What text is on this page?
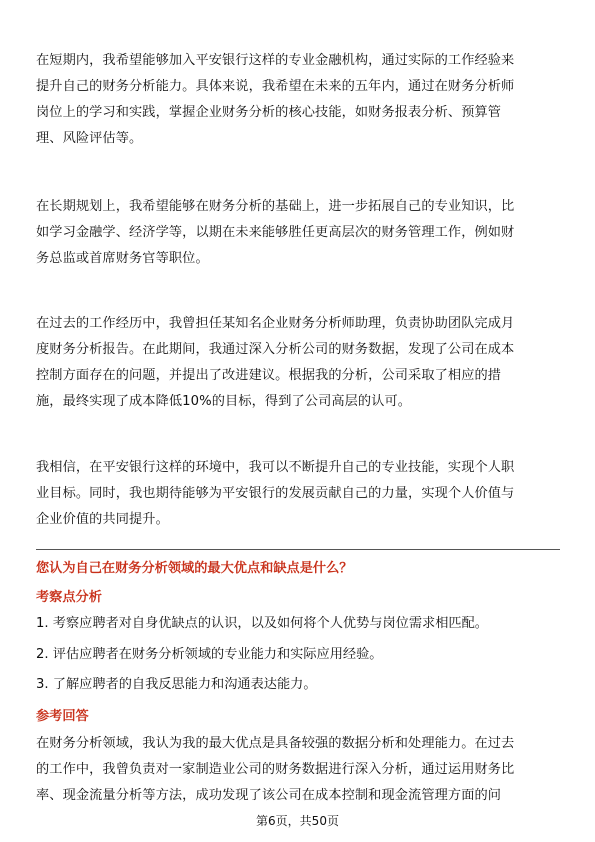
在短期内，我希望能够加入平安银行这样的专业金融机构，通过实际的工作经验来
提升自己的财务分析能力。具体来说，我希望在未来的五年内，通过在财务分析师
岗位上的学习和实践，掌握企业财务分析的核心技能，如财务报表分析、预算管
理、风险评估等。
在长期规划上，我希望能够在财务分析的基础上，进一步拓展自己的专业知识，比
如学习金融学、经济学等，以期在未来能够胜任更高层次的财务管理工作，例如财
务总监或首席财务官等职位。
在过去的工作经历中，我曾担任某知名企业财务分析师助理，负责协助团队完成月
度财务分析报告。在此期间，我通过深入分析公司的财务数据，发现了公司在成本
控制方面存在的问题，并提出了改进建议。根据我的分析，公司采取了相应的措
施，最终实现了成本降低10%的目标，得到了公司高层的认可。
我相信，在平安银行这样的环境中，我可以不断提升自己的专业技能，实现个人职
业目标。同时，我也期待能够为平安银行的发展贡献自己的力量，实现个人价值与
企业价值的共同提升。
您认为自己在财务分析领域的最大优点和缺点是什么？
考察点分析
1. 考察应聘者对自身优缺点的认识，以及如何将个人优势与岗位需求相匹配。
2. 评估应聘者在财务分析领域的专业能力和实际应用经验。
3. 了解应聘者的自我反思能力和沟通表达能力。
参考回答
在财务分析领域，我认为我的最大优点是具备较强的数据分析和处理能力。在过去
的工作中，我曾负责对一家制造业公司的财务数据进行深入分析，通过运用财务比
率、现金流量分析等方法，成功发现了该公司在成本控制和现金流管理方面的问
第6页，共50页
